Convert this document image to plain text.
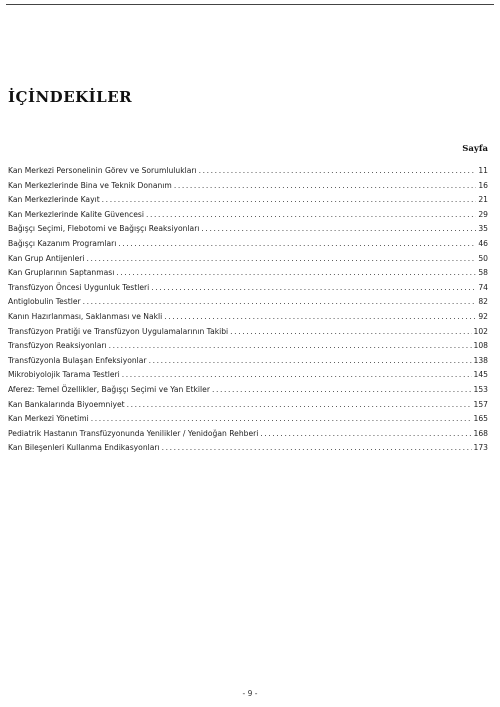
İÇİNDEKİLER
Sayfa
Kan Merkezi Personelinin Görev ve Sorumlulukları .....	11
Kan Merkezlerinde Bina ve Teknik Donanım .....	16
Kan Merkezlerinde Kayıt .....	21
Kan Merkezlerinde Kalite Güvencesi .....	29
Bağışçı Seçimi, Flebotomi ve Bağışçı Reaksiyonları .....	35
Bağışçı Kazanım Programları .....	46
Kan Grup Antijenleri .....	50
Kan Gruplarının Saptanması .....	58
Transfüzyon Öncesi Uygunluk Testleri .....	74
Antiglobulin Testler .....	82
Kanın Hazırlanması, Saklanması ve Nakli .....	92
Transfüzyon Pratiği ve Transfüzyon Uygulamalarının Takibi .....	102
Transfüzyon Reaksiyonları .....	108
Transfüzyonla Bulaşan Enfeksiyonlar .....	138
Mikrobiyolojik Tarama Testleri .....	145
Aferez: Temel Özellikler, Bağışçı Seçimi ve Yan Etkiler .....	153
Kan Bankalarında Biyoemniyet .....	157
Kan Merkezi Yönetimi .....	165
Pediatrik Hastanın Transfüzyonunda Yenilikler / Yenidoğan Rehberi .....	168
Kan Bileşenleri Kullanma Endikasyonları .....	173
- 9 -
